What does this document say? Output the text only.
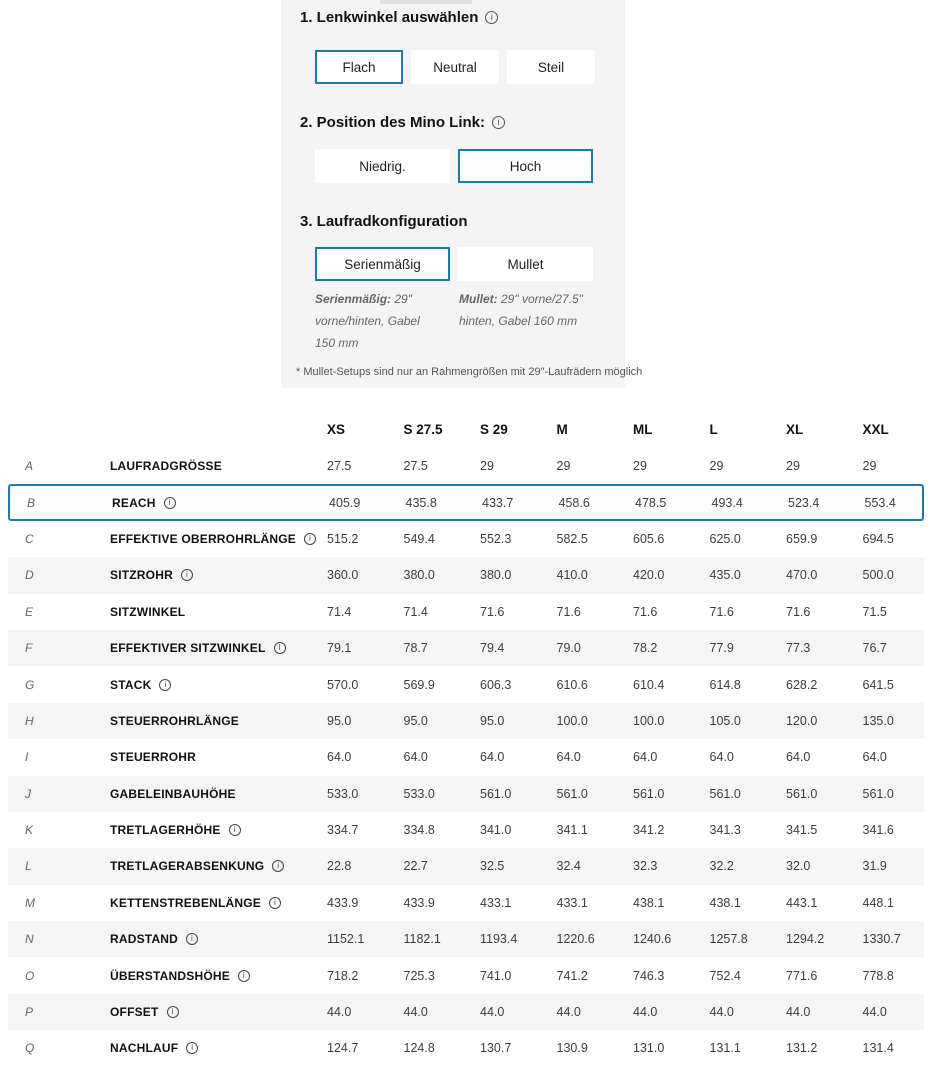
1. Lenkwinkel auswählen	i
Flach	Neutral	Steil
2. Position des Mino Link:	i
Niedrig.	Hoch
3. Laufradkonfiguration
Serienmäßig	Mullet
Serienmäßig: 29" vorne/hinten, Gabel 150 mm
Mullet: 29" vorne/27.5" hinten, Gabel 160 mm
* Mullet-Setups sind nur an Rahmengrößen mit 29"-Laufrädern möglich
XS	S 27.5	S 29	M	ML	L	XL	XXL
A	LAUFRADGRÖSSE	27.5	27.5	29	29	29	29	29	29
B	REACH	i	405.9	435.8	433.7	458.6	478.5	493.4	523.4	553.4
C	EFFEKTIVE OBERROHRLÄNGE	i	515.2	549.4	552.3	582.5	605.6	625.0	659.9	694.5
D	SITZROHR	i	360.0	380.0	380.0	410.0	420.0	435.0	470.0	500.0
E	SITZWINKEL	71.4	71.4	71.6	71.6	71.6	71.6	71.6	71.5
F	EFFEKTIVER SITZWINKEL	i	79.1	78.7	79.4	79.0	78.2	77.9	77.3	76.7
G	STACK	i	570.0	569.9	606.3	610.6	610.4	614.8	628.2	641.5
H	STEUERROHRLÄNGE	95.0	95.0	95.0	100.0	100.0	105.0	120.0	135.0
I	STEUERROHR	64.0	64.0	64.0	64.0	64.0	64.0	64.0	64.0
J	GABELEINBAUHÖHE	533.0	533.0	561.0	561.0	561.0	561.0	561.0	561.0
K	TRETLAGERHÖHE	i	334.7	334.8	341.0	341.1	341.2	341.3	341.5	341.6
L	TRETLAGERABSENKUNG	i	22.8	22.7	32.5	32.4	32.3	32.2	32.0	31.9
M	KETTENSTREBENLÄNGE	i	433.9	433.9	433.1	433.1	438.1	438.1	443.1	448.1
N	RADSTAND	i	1152.1	1182.1	1193.4	1220.6	1240.6	1257.8	1294.2	1330.7
O	ÜBERSTANDSHÖHE	i	718.2	725.3	741.0	741.2	746.3	752.4	771.6	778.8
P	OFFSET	i	44.0	44.0	44.0	44.0	44.0	44.0	44.0	44.0
Q	NACHLAUF	i	124.7	124.8	130.7	130.9	131.0	131.1	131.2	131.4
